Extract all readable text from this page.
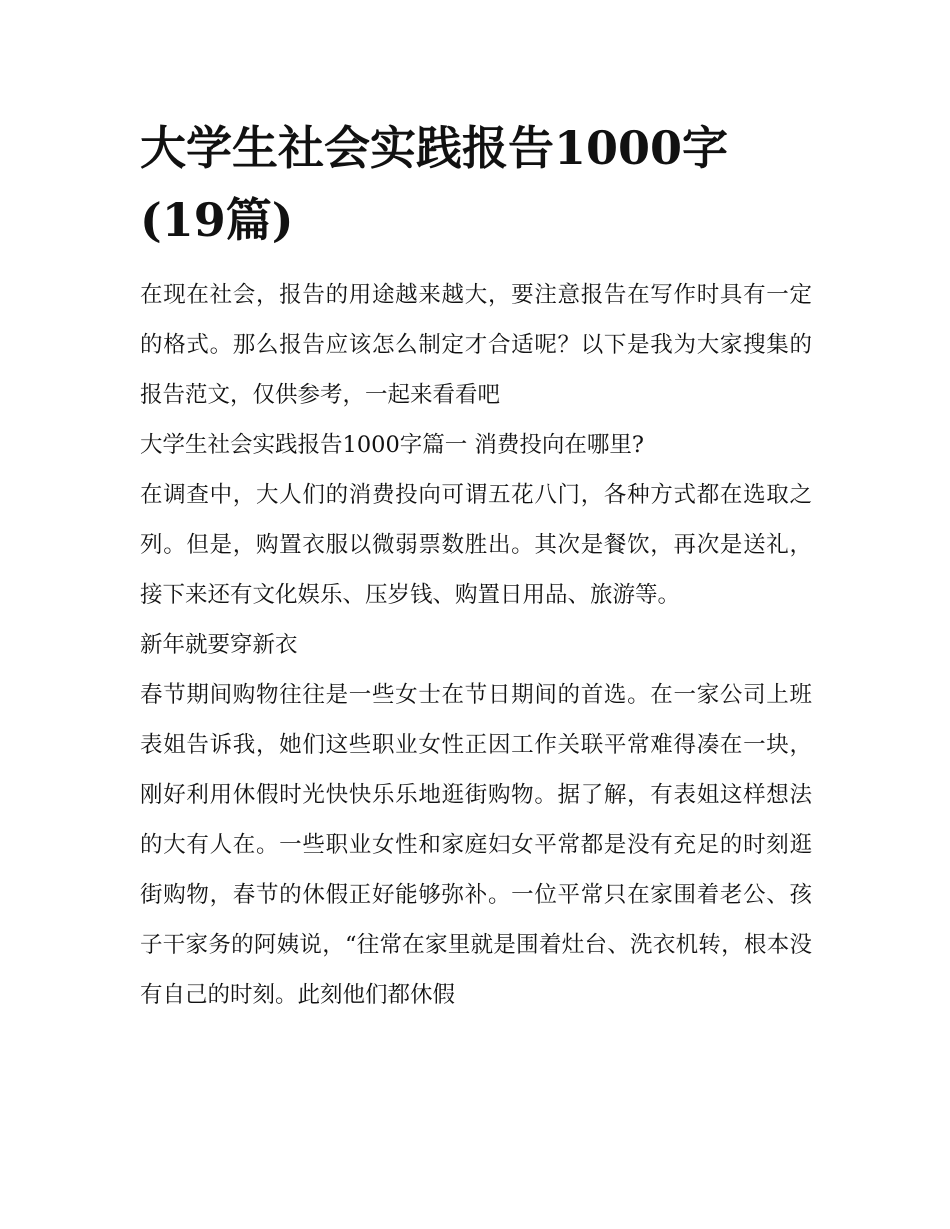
大学生社会实践报告1000字
(19篇)

在现在社会，报告的用途越来越大，要注意报告在写作时具有一定的格式。那么报告应该怎么制定才合适呢？以下是我为大家搜集的报告范文，仅供参考，一起来看看吧

大学生社会实践报告1000字篇一 消费投向在哪里?

在调查中，大人们的消费投向可谓五花八门，各种方式都在选取之列。但是，购置衣服以微弱票数胜出。其次是餐饮，再次是送礼，接下来还有文化娱乐、压岁钱、购置日用品、旅游等。

新年就要穿新衣

春节期间购物往往是一些女士在节日期间的首选。在一家公司上班表姐告诉我，她们这些职业女性正因工作关联平常难得凑在一块，刚好利用休假时光快快乐乐地逛街购物。据了解，有表姐这样想法的大有人在。一些职业女性和家庭妇女平常都是没有充足的时刻逛街购物，春节的休假正好能够弥补。一位平常只在家围着老公、孩子干家务的阿姨说，“往常在家里就是围着灶台、洗衣机转，根本没有自己的时刻。此刻他们都休假
